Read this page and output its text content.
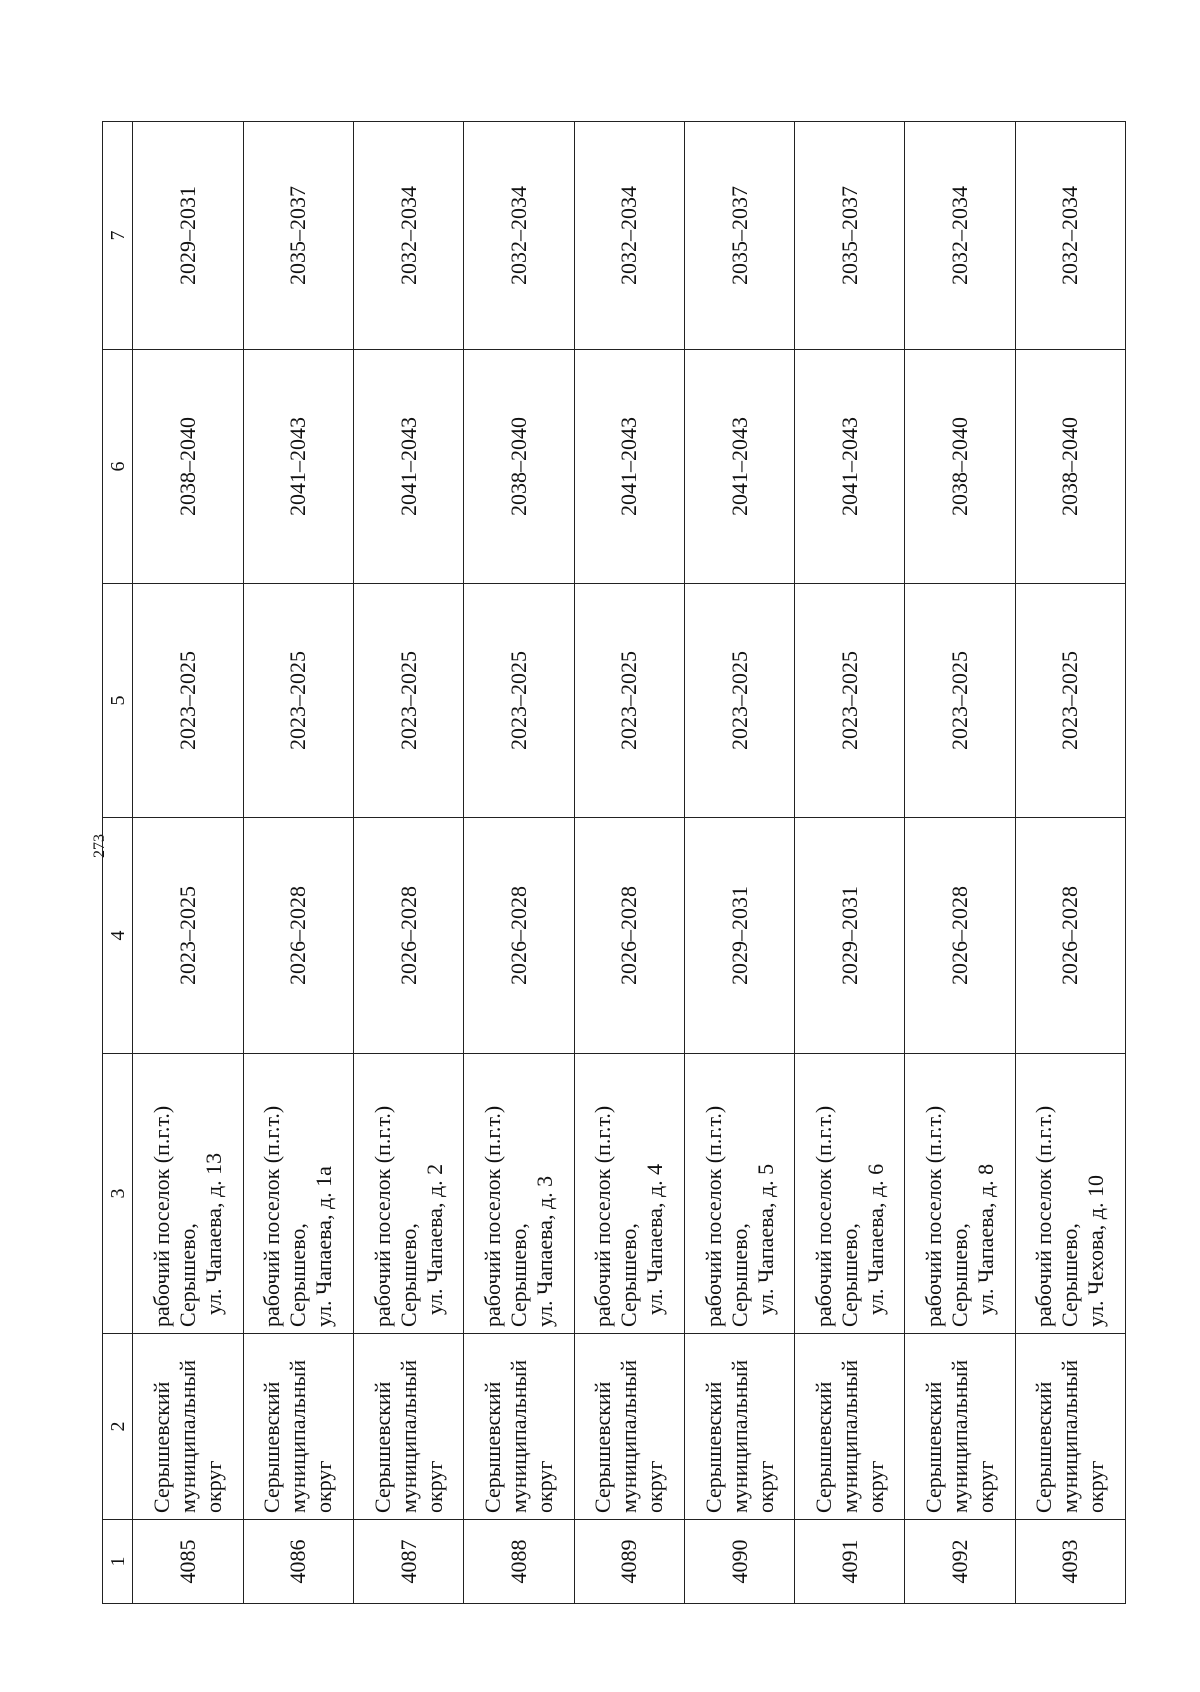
273
1	2	3	4	5	6	7
4085	Серышевский муниципальный округ	рабочий поселок (п.г.т.) Серышево, ул. Чапаева, д. 13	2023–2025	2023–2025	2038–2040	2029–2031
4086	Серышевский муниципальный округ	рабочий поселок (п.г.т.) Серышево, ул. Чапаева, д. 1а	2026–2028	2023–2025	2041–2043	2035–2037
4087	Серышевский муниципальный округ	рабочий поселок (п.г.т.) Серышево, ул. Чапаева, д. 2	2026–2028	2023–2025	2041–2043	2032–2034
4088	Серышевский муниципальный округ	рабочий поселок (п.г.т.) Серышево, ул. Чапаева, д. 3	2026–2028	2023–2025	2038–2040	2032–2034
4089	Серышевский муниципальный округ	рабочий поселок (п.г.т.) Серышево, ул. Чапаева, д. 4	2026–2028	2023–2025	2041–2043	2032–2034
4090	Серышевский муниципальный округ	рабочий поселок (п.г.т.) Серышево, ул. Чапаева, д. 5	2029–2031	2023–2025	2041–2043	2035–2037
4091	Серышевский муниципальный округ	рабочий поселок (п.г.т.) Серышево, ул. Чапаева, д. 6	2029–2031	2023–2025	2041–2043	2035–2037
4092	Серышевский муниципальный округ	рабочий поселок (п.г.т.) Серышево, ул. Чапаева, д. 8	2026–2028	2023–2025	2038–2040	2032–2034
4093	Серышевский муниципальный округ	рабочий поселок (п.г.т.) Серышево, ул. Чехова, д. 10	2026–2028	2023–2025	2038–2040	2032–2034
